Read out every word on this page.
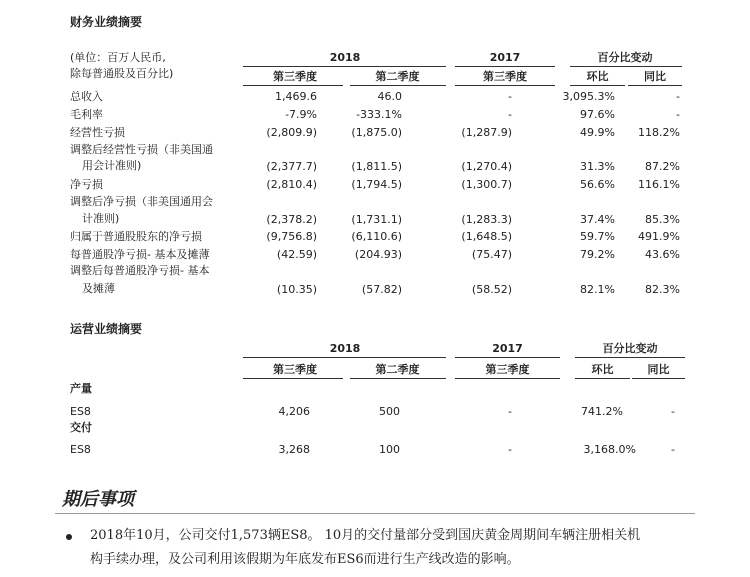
财务业绩摘要
(单位：百万人民币,
除每普通股及百分比)
2018	2017	百分比变动
第三季度	第二季度	第三季度	环比	同比
总收入	1,469.6	46.0	-	3,095.3%	-
毛利率	-7.9%	-333.1%	-	97.6%	-
经营性亏损	(2,809.9)	(1,875.0)	(1,287.9)	49.9%	118.2%
调整后经营性亏损（非美国通
用会计准则)	(2,377.7)	(1,811.5)	(1,270.4)	31.3%	87.2%
净亏损	(2,810.4)	(1,794.5)	(1,300.7)	56.6%	116.1%
调整后净亏损（非美国通用会
计准则)	(2,378.2)	(1,731.1)	(1,283.3)	37.4%	85.3%
归属于普通股股东的净亏损	(9,756.8)	(6,110.6)	(1,648.5)	59.7%	491.9%
每普通股净亏损- 基本及摊薄	(42.59)	(204.93)	(75.47)	79.2%	43.6%
调整后每普通股净亏损- 基本
及摊薄	(10.35)	(57.82)	(58.52)	82.1%	82.3%
运营业绩摘要
2018	2017	百分比变动
第三季度	第二季度	第三季度	环比	同比
产量
ES8	4,206	500	-	741.2%	-
交付
ES8	3,268	100	-	3,168.0%	-
期后事项
2018年10月，公司交付1,573辆ES8。 10月的交付量部分受到国庆黄金周期间车辆注册相关机
构手续办理，及公司利用该假期为年底发布ES6而进行生产线改造的影响。
